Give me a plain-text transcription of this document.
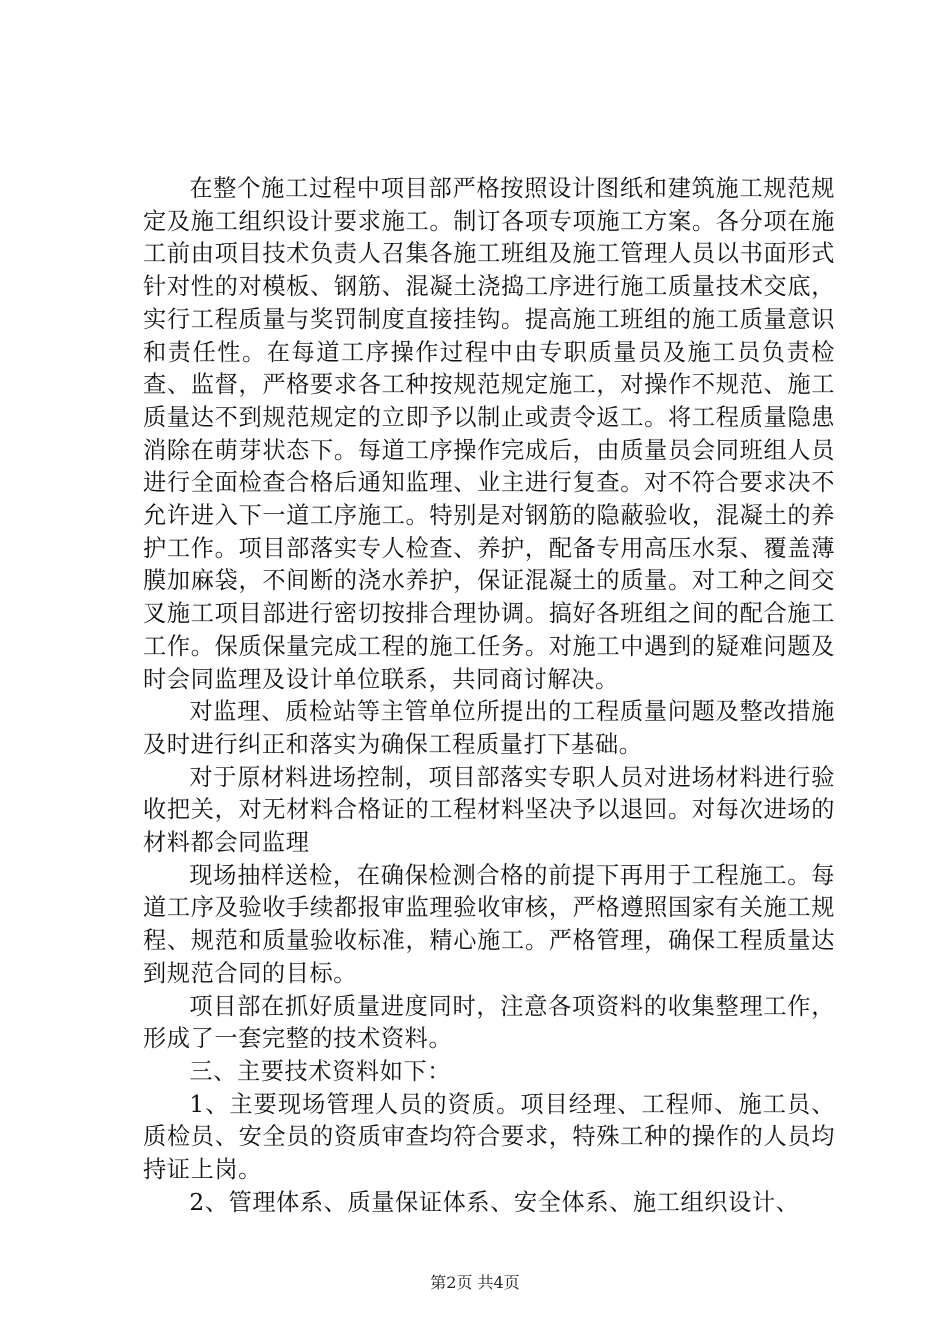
在整个施工过程中项目部严格按照设计图纸和建筑施工规范规定及施工组织设计要求施工。制订各项专项施工方案。各分项在施工前由项目技术负责人召集各施工班组及施工管理人员以书面形式针对性的对模板、钢筋、混凝土浇捣工序进行施工质量技术交底，实行工程质量与奖罚制度直接挂钩。提高施工班组的施工质量意识和责任性。在每道工序操作过程中由专职质量员及施工员负责检查、监督，严格要求各工种按规范规定施工，对操作不规范、施工质量达不到规范规定的立即予以制止或责令返工。将工程质量隐患消除在萌芽状态下。每道工序操作完成后，由质量员会同班组人员进行全面检查合格后通知监理、业主进行复查。对不符合要求决不允许进入下一道工序施工。特别是对钢筋的隐蔽验收，混凝土的养护工作。项目部落实专人检查、养护，配备专用高压水泵、覆盖薄膜加麻袋，不间断的浇水养护，保证混凝土的质量。对工种之间交叉施工项目部进行密切按排合理协调。搞好各班组之间的配合施工工作。保质保量完成工程的施工任务。对施工中遇到的疑难问题及时会同监理及设计单位联系，共同商讨解决。

对监理、质检站等主管单位所提出的工程质量问题及整改措施及时进行纠正和落实为确保工程质量打下基础。

对于原材料进场控制，项目部落实专职人员对进场材料进行验收把关，对无材料合格证的工程材料坚决予以退回。对每次进场的材料都会同监理

现场抽样送检，在确保检测合格的前提下再用于工程施工。每道工序及验收手续都报审监理验收审核，严格遵照国家有关施工规程、规范和质量验收标准，精心施工。严格管理，确保工程质量达到规范合同的目标。

项目部在抓好质量进度同时，注意各项资料的收集整理工作，形成了一套完整的技术资料。

三、主要技术资料如下：

1、主要现场管理人员的资质。项目经理、工程师、施工员、质检员、安全员的资质审查均符合要求，特殊工种的操作的人员均持证上岗。

2、管理体系、质量保证体系、安全体系、施工组织设计、

第2页 共4页
